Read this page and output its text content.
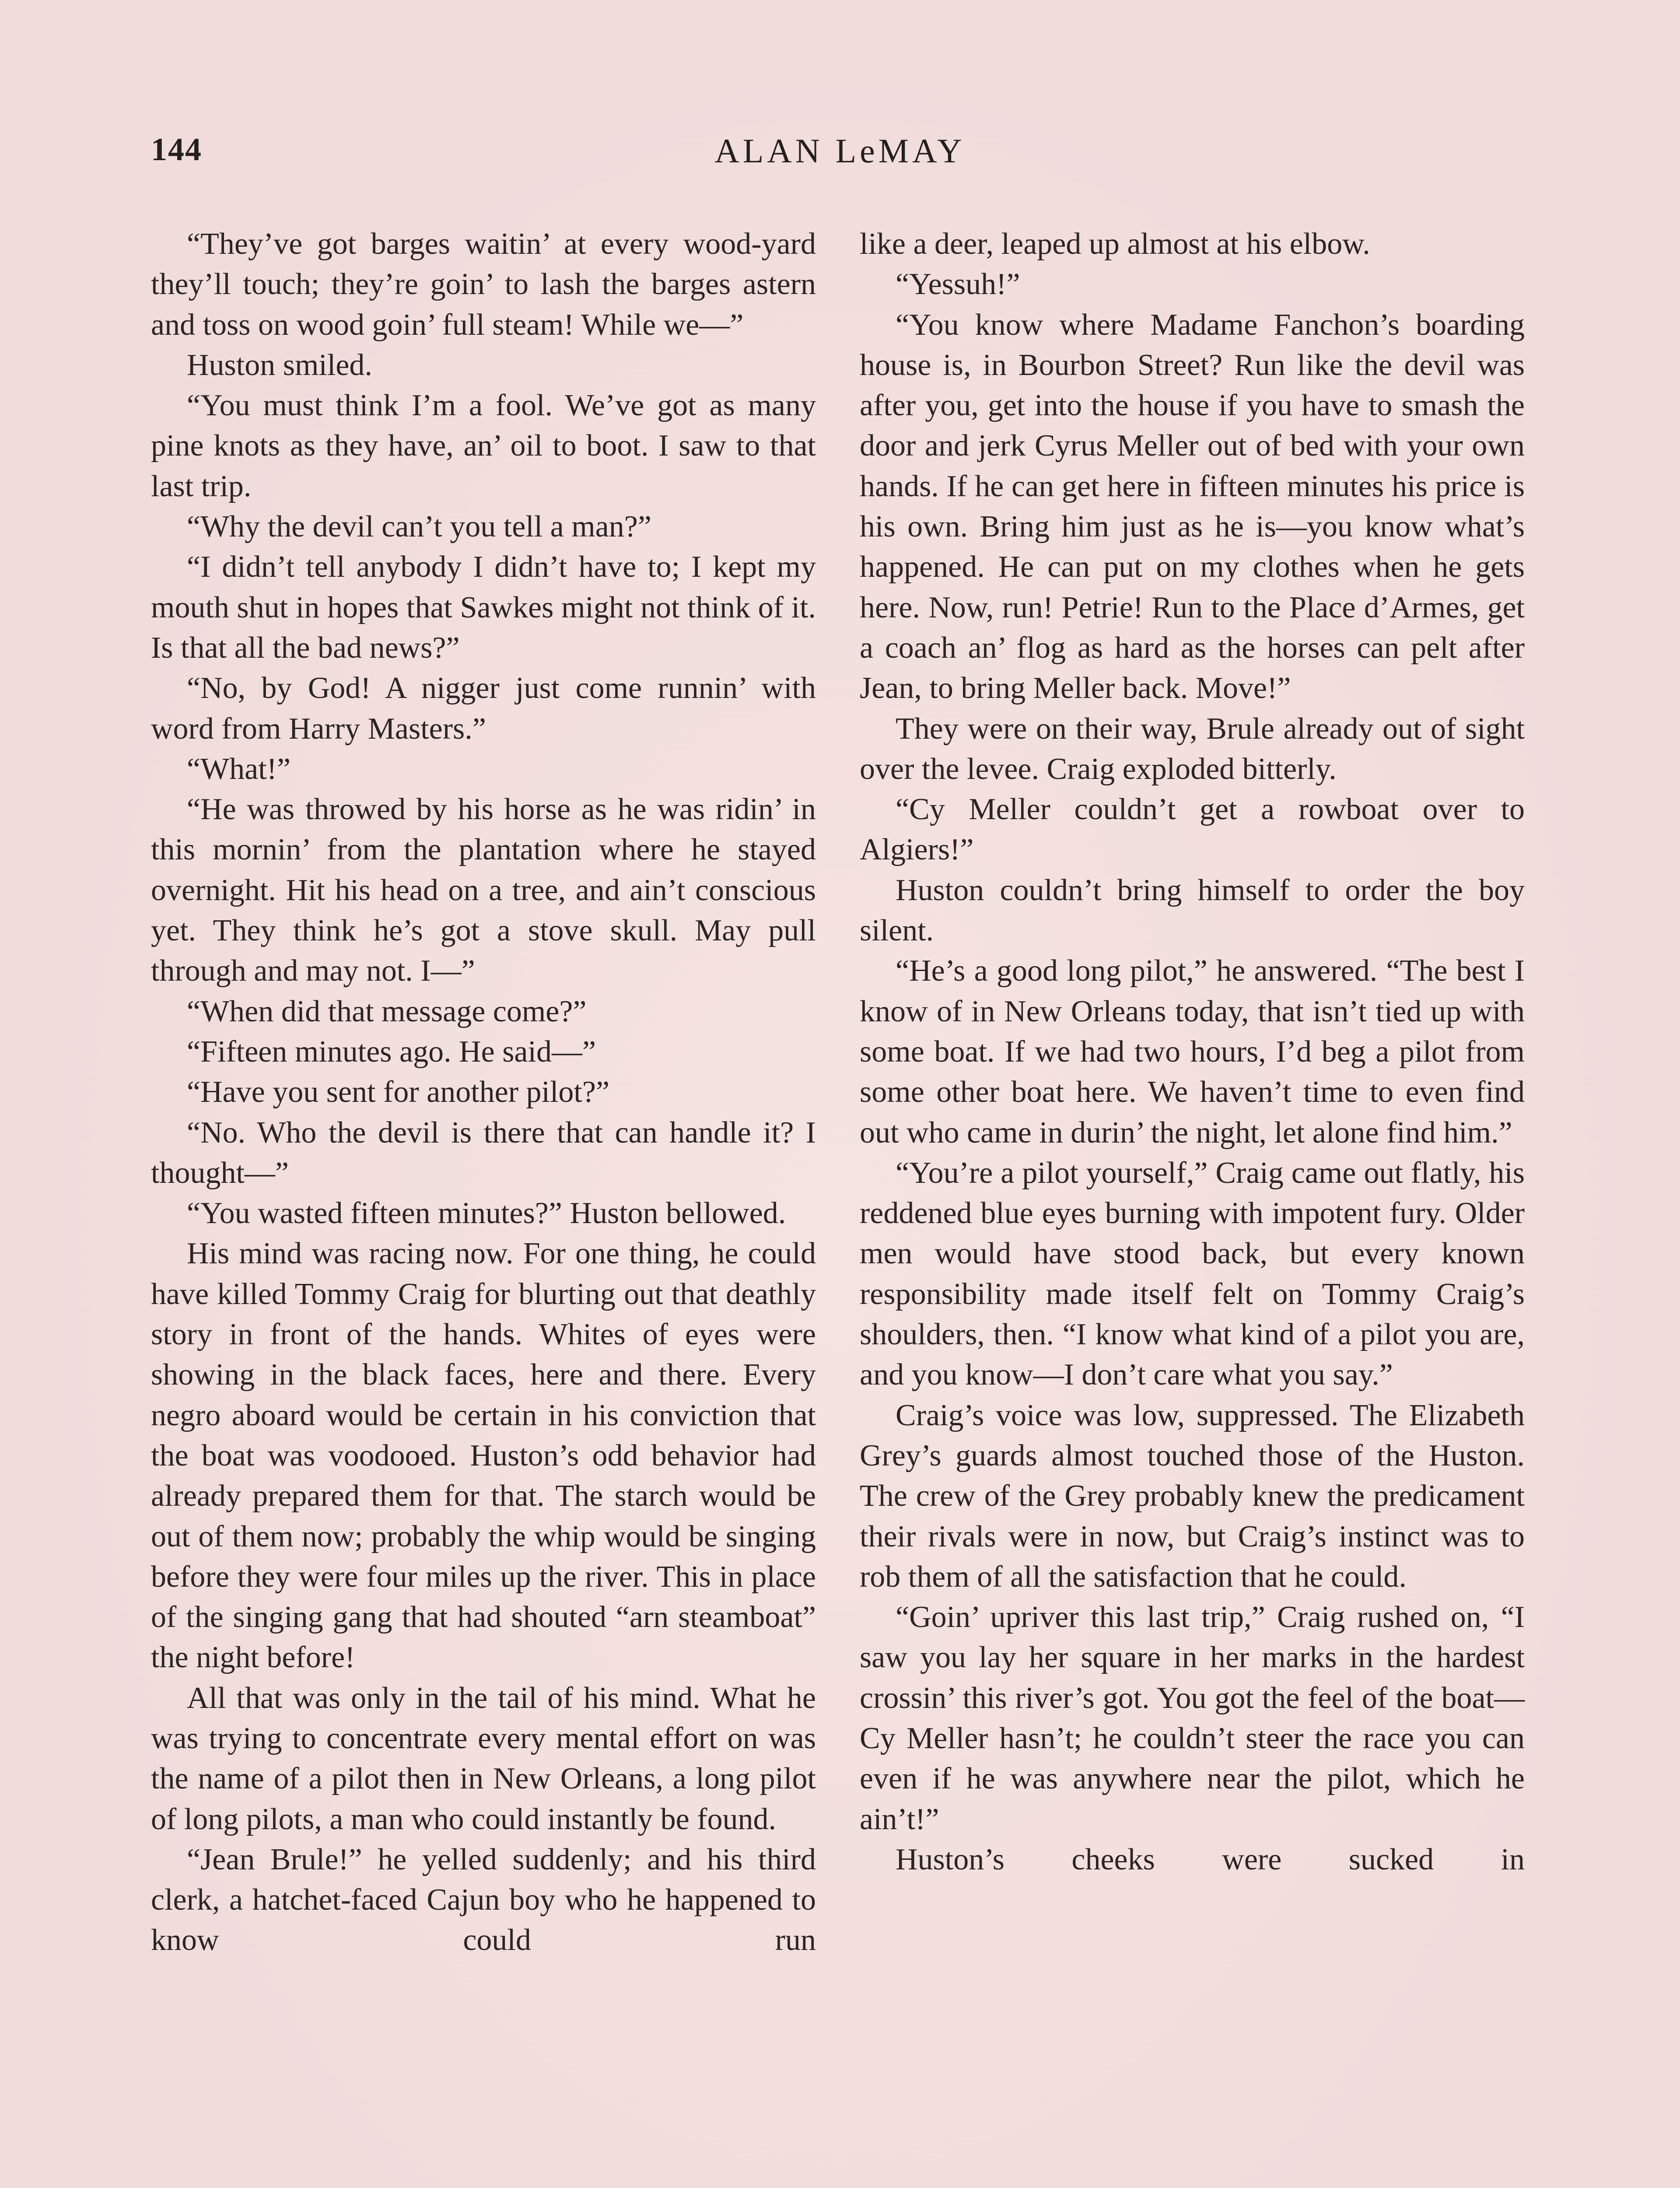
144	ALAN LeMAY

“They’ve got barges waitin’ at every wood-yard they’ll touch; they’re goin’ to lash the barges astern and toss on wood goin’ full steam! While we—”

Huston smiled.

“You must think I’m a fool. We’ve got as many pine knots as they have, an’ oil to boot. I saw to that last trip.

“Why the devil can’t you tell a man?”

“I didn’t tell anybody I didn’t have to; I kept my mouth shut in hopes that Sawkes might not think of it. Is that all the bad news?”

“No, by God! A nigger just come runnin’ with word from Harry Masters.”

“What!”

“He was throwed by his horse as he was ridin’ in this mornin’ from the plantation where he stayed overnight. Hit his head on a tree, and ain’t conscious yet. They think he’s got a stove skull. May pull through and may not. I—”

“When did that message come?”

“Fifteen minutes ago. He said—”

“Have you sent for another pilot?”

“No. Who the devil is there that can handle it? I thought—”

“You wasted fifteen minutes?” Huston bellowed.

His mind was racing now. For one thing, he could have killed Tommy Craig for blurting out that deathly story in front of the hands. Whites of eyes were showing in the black faces, here and there. Every negro aboard would be certain in his conviction that the boat was voodooed. Huston’s odd behavior had already prepared them for that. The starch would be out of them now; probably the whip would be singing before they were four miles up the river. This in place of the singing gang that had shouted “arn steamboat” the night before!

All that was only in the tail of his mind. What he was trying to concentrate every mental effort on was the name of a pilot then in New Orleans, a long pilot of long pilots, a man who could instantly be found.

“Jean Brule!” he yelled suddenly; and his third clerk, a hatchet-faced Cajun boy who he happened to know could run

like a deer, leaped up almost at his elbow.

“Yessuh!”

“You know where Madame Fanchon’s boarding house is, in Bourbon Street? Run like the devil was after you, get into the house if you have to smash the door and jerk Cyrus Meller out of bed with your own hands. If he can get here in fifteen minutes his price is his own. Bring him just as he is—you know what’s happened. He can put on my clothes when he gets here. Now, run! Petrie! Run to the Place d’Armes, get a coach an’ flog as hard as the horses can pelt after Jean, to bring Meller back. Move!”

They were on their way, Brule already out of sight over the levee. Craig exploded bitterly.

“Cy Meller couldn’t get a rowboat over to Algiers!”

Huston couldn’t bring himself to order the boy silent.

“He’s a good long pilot,” he answered. “The best I know of in New Orleans today, that isn’t tied up with some boat. If we had two hours, I’d beg a pilot from some other boat here. We haven’t time to even find out who came in durin’ the night, let alone find him.”

“You’re a pilot yourself,” Craig came out flatly, his reddened blue eyes burning with impotent fury. Older men would have stood back, but every known responsibility made itself felt on Tommy Craig’s shoulders, then. “I know what kind of a pilot you are, and you know—I don’t care what you say.”

Craig’s voice was low, suppressed. The Elizabeth Grey’s guards almost touched those of the Huston. The crew of the Grey probably knew the predicament their rivals were in now, but Craig’s instinct was to rob them of all the satisfaction that he could.

“Goin’ upriver this last trip,” Craig rushed on, “I saw you lay her square in her marks in the hardest crossin’ this river’s got. You got the feel of the boat—Cy Meller hasn’t; he couldn’t steer the race you can even if he was anywhere near the pilot, which he ain’t!”

Huston’s cheeks were sucked in
